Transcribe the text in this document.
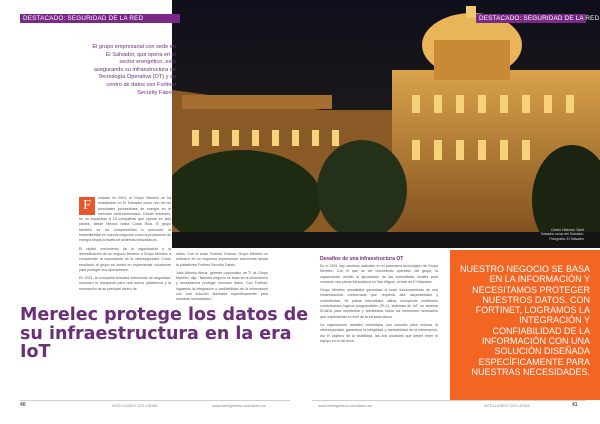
DESTACADO: SEGURIDAD DE LA RED	DESTACADO: SEGURIDAD DE LA RED
El grupo empresarial con sede en El Salvador, que opera en el sector energético, está asegurando su infraestructura de Tecnología Operativa (OT) y su centro de datos con Fortinet Security Fabric.
F	undado en 2001, el Grupo Merelec se ha establecido en El Salvador como uno de los principales proveedores de energía en el mercado centroamericano. Desde entonces, se ha expandido a 18 compañías que operan en seis países, desde México hasta Costa Rica. El grupo también se ha comprometido a promover la sostenibilidad en nuevos negocios como la producción de energía limpia a través de sistemas fotovoltaicos.
El rápido crecimiento de la organización y la diversificación de su negocio llevaron a Grupo Merelec a comprender la importancia de la ciberseguridad. Como resultado, el grupo se centró en implementar soluciones para proteger sus operaciones.
En 2021, la compañía buscaba soluciones de seguridad, comenzó la búsqueda para una nueva plataforma y la renovación de su principal centro de
datos. Con el socio Fortinet, Kronos, Grupo Merelec se embarcó en su esquema implementar soluciones desde la plataforma Fortinet Security Fabric.
José Alfonso Abrue, gerente corporativo de TI de Grupo Merelec, dijo: "Nuestro negocio se basa en la información y necesitamos proteger nuestros datos. Con Fortinet, logramos la integración y confiabilidad de la información con una solución diseñada específicamente para nuestras necesidades."
Desafíos de una infraestructura OT
En el 2021 hay cambios radicales en el panorama tecnológico de Grupo Merelec. Con el que se vel crecimiento operativo del grupo, la organización recibió la aprobación de las autoridades locales para construir una planta fotovoltaica en San Miguel, al este de El Salvador.
Grupo Merelec necesitaba garantizar el buen funcionamiento de una infraestructura conformada que requería alta disponibilidad y conectividad. Mi planta fotovoltaica utiliza, incluyendo medidores controladores lógicos programables (PLC), sistemas de IoT, un sistema SCADA para monitorear y administrar todos los elementos necesarios que implementar el nivel de la infraestructura.
La organización también necesitaba una solución para mejorar la ciberseguridad, garantizar la integridad y confiabilidad de la información. Así el objetivo de la visibilidad, las dos unidades que deben tener el equipo en el del área.
Merelec protege los datos de su infraestructura en la era IoT
NUESTRO NEGOCIO SE BASA EN LA INFORMACIÓN Y NECESITAMOS PROTEGER NUESTROS DATOS. CON FORTINET, LOGRAMOS LA INTEGRACIÓN Y CONFIABILIDAD DE LA INFORMACIÓN CON UNA SOLUCIÓN DISEÑADA ESPECÍFICAMENTE PARA NUESTRAS NECESIDADES.
Centro Histórico Saint Salvador cerca del Salvador. Fotografía: El Salvador
40	INTELLIGENT CIO LATAM	www.intelligentcio.com/latam-es	www.intelligentcio.com/latam-es	INTELLIGENT CIO LATAM	41
